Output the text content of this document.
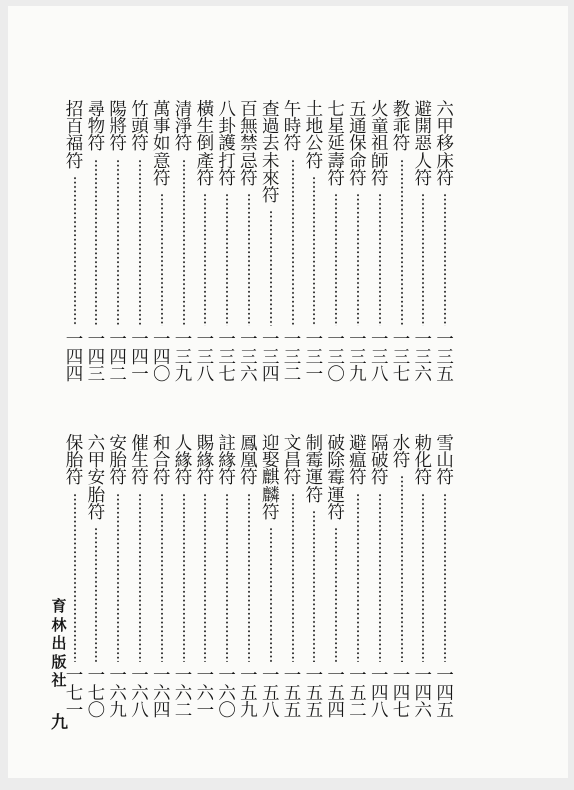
六
甲
移
床
符
一
三
五
避
開
惡
人
符
一
三
六
教
乖
符
一
三
七
火
童
祖
師
符
一
三
八
五
通
保
命
符
一
三
九
七
星
延
壽
符
一
三
〇
土
地
公
符
一
三
一
午
時
符
一
三
二
查
過
去
未
來
符
一
三
四
百
無
禁
忌
符
一
三
六
八
卦
護
打
符
一
三
七
橫
生
倒
產
符
一
三
八
清
淨
符
一
三
九
萬
事
如
意
符
一
四
〇
竹
頭
符
一
四
一
陽
將
符
一
四
二
尋
物
符
一
四
三
招
百
福
符
一
四
四
雪
山
符
一
四
五
勅
化
符
一
四
六
水
符
一
四
七
隔
破
符
一
四
八
避
瘟
符
一
五
二
破
除
霉
運
符
一
五
四
制
霉
運
符
一
五
五
文
昌
符
一
五
五
迎
娶
麒
麟
符
一
五
八
鳳
凰
符
一
五
九
註
緣
符
一
六
〇
賜
緣
符
一
六
一
人
緣
符
一
六
二
和
合
符
一
六
四
催
生
符
一
六
八
安
胎
符
一
六
九
六
甲
安
胎
符
一
七
〇
保
胎
符
一
七
一
育
林
出
版
社
九
